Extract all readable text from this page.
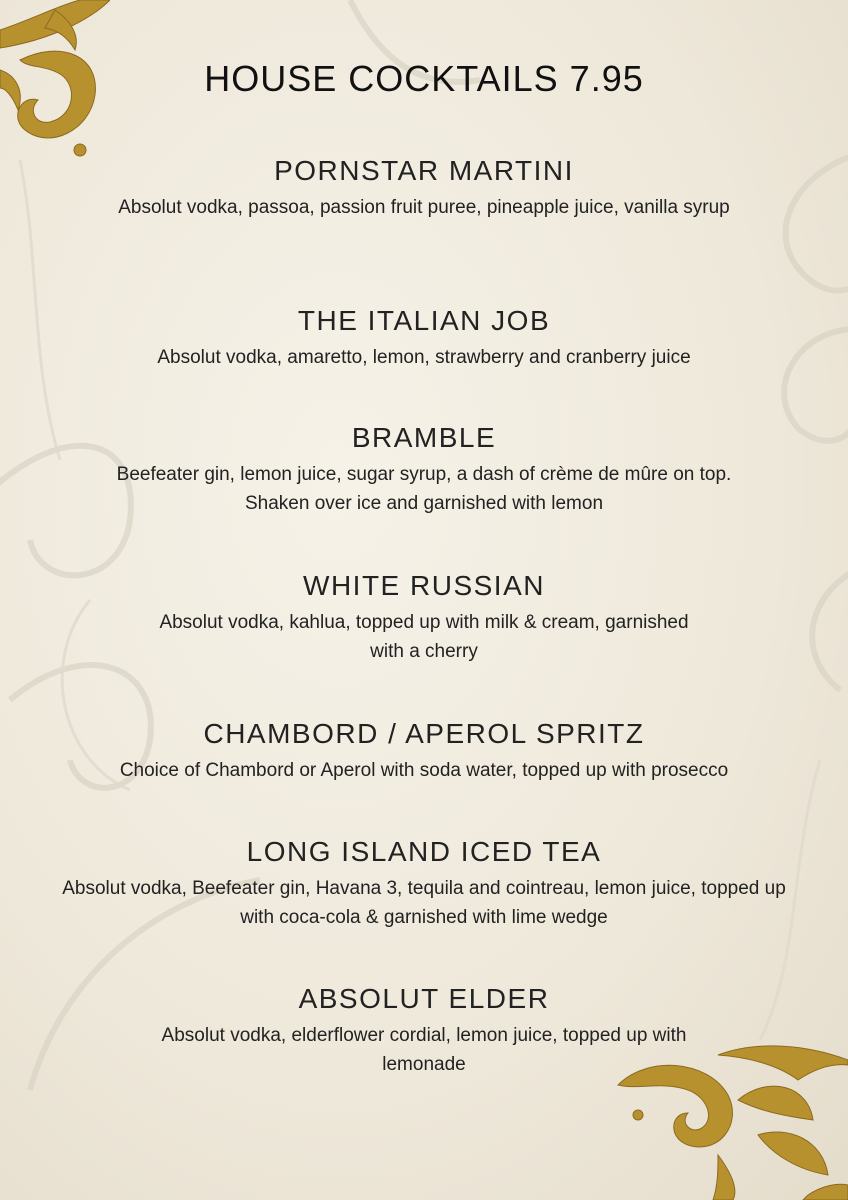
HOUSE COCKTAILS 7.95
PORNSTAR MARTINI

Absolut vodka, passoa, passion fruit puree, pineapple juice, vanilla syrup

THE ITALIAN JOB

Absolut vodka, amaretto, lemon, strawberry and cranberry juice

BRAMBLE

Beefeater gin, lemon juice, sugar syrup, a dash of crème de mûre on top. Shaken over ice and garnished with lemon

WHITE RUSSIAN

Absolut vodka, kahlua, topped up with milk & cream, garnished with a cherry

CHAMBORD / APEROL SPRITZ

Choice of Chambord or Aperol with soda water, topped up with prosecco

LONG ISLAND ICED TEA

Absolut vodka, Beefeater gin, Havana 3, tequila and cointreau, lemon juice, topped up with coca-cola & garnished with lime wedge

ABSOLUT ELDER

Absolut vodka, elderflower cordial, lemon juice, topped up with lemonade
